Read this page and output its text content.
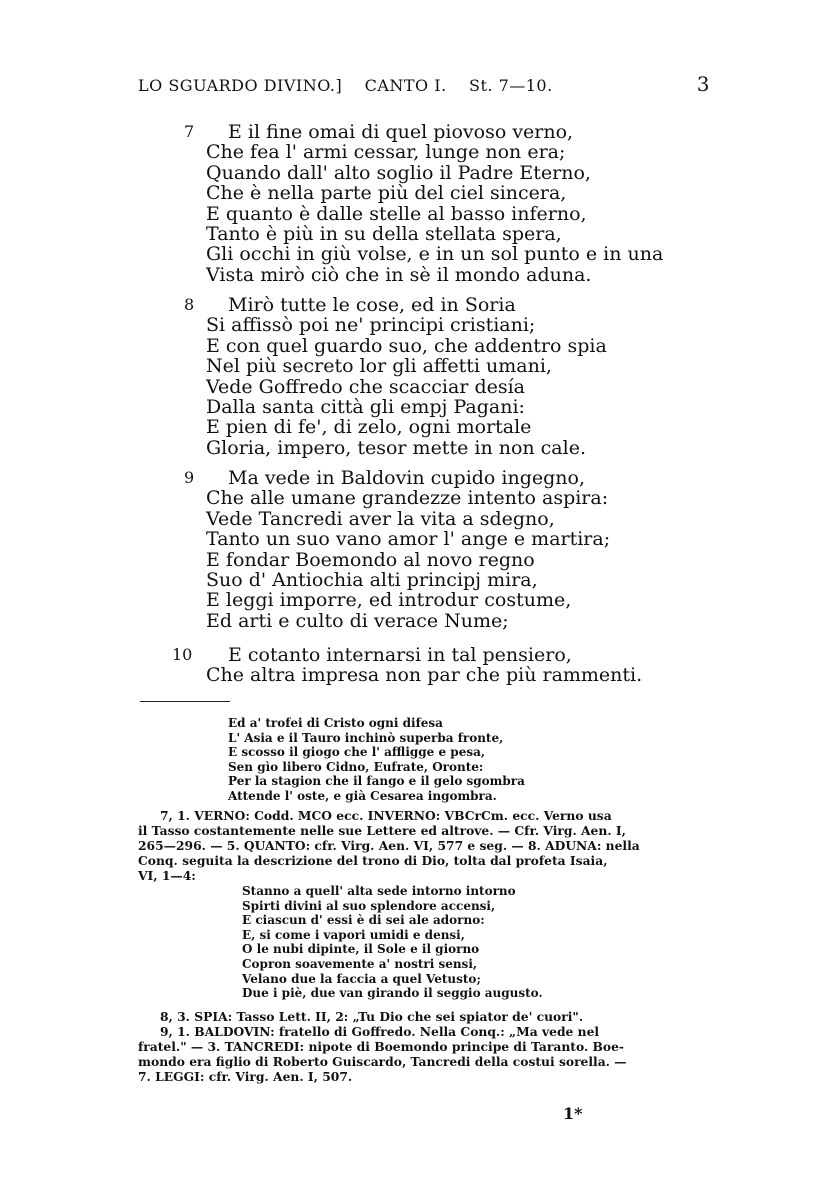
LO SGUARDO DIVINO.] CANTO I. St. 7—10.	3
7	E il fine omai di quel piovoso verno,
Che fea l' armi cessar, lunge non era;
Quando dall' alto soglio il Padre Eterno,
Che è nella parte più del ciel sincera,
E quanto è dalle stelle al basso inferno,
Tanto è più in su della stellata spera,
Gli occhi in giù volse, e in un sol punto e in una
Vista mirò ciò che in sè il mondo aduna.
8	Mirò tutte le cose, ed in Soria
Si affissò poi ne' principi cristiani;
E con quel guardo suo, che addentro spia
Nel più secreto lor gli affetti umani,
Vede Goffredo che scacciar desía
Dalla santa città gli empj Pagani:
E pien di fe', di zelo, ogni mortale
Gloria, impero, tesor mette in non cale.
9	Ma vede in Baldovin cupido ingegno,
Che alle umane grandezze intento aspira:
Vede Tancredi aver la vita a sdegno,
Tanto un suo vano amor l' ange e martira;
E fondar Boemondo al novo regno
Suo d' Antiochia alti principj mira,
E leggi imporre, ed introdur costume,
Ed arti e culto di verace Nume;
10	E cotanto internarsi in tal pensiero,
Che altra impresa non par che più rammenti.
Ed a' trofei di Cristo ogni difesa
L' Asia e il Tauro inchinò superba fronte,
E scosso il giogo che l' affligge e pesa,
Sen gìo libero Cidno, Eufrate, Oronte:
Per la stagion che il fango e il gelo sgombra
Attende l' oste, e già Cesarea ingombra.
7, 1. VERNO: Codd. MCO ecc. INVERNO: VBCrCm. ecc. Verno usa
il Tasso costantemente nelle sue Lettere ed altrove. — Cfr. Virg. Aen. I,
265—296. — 5. QUANTO: cfr. Virg. Aen. VI, 577 e seg. — 8. ADUNA: nella
Conq. seguita la descrizione del trono di Dio, tolta dal profeta Isaia,
VI, 1—4:
Stanno a quell' alta sede intorno intorno
Spirti divini al suo splendore accensi,
E ciascun d' essi è di sei ale adorno:
E, si come i vapori umidi e densi,
O le nubi dipinte, il Sole e il giorno
Copron soavemente a' nostri sensi,
Velano due la faccia a quel Vetusto;
Due i piè, due van girando il seggio augusto.
8, 3. SPIA: Tasso Lett. II, 2: „Tu Dio che sei spiator de' cuori".
9, 1. BALDOVIN: fratello di Goffredo. Nella Conq.: „Ma vede nel
fratel." — 3. TANCREDI: nipote di Boemondo principe di Taranto. Boe-
mondo era figlio di Roberto Guiscardo, Tancredi della costui sorella. —
7. LEGGI: cfr. Virg. Aen. I, 507.
1*
